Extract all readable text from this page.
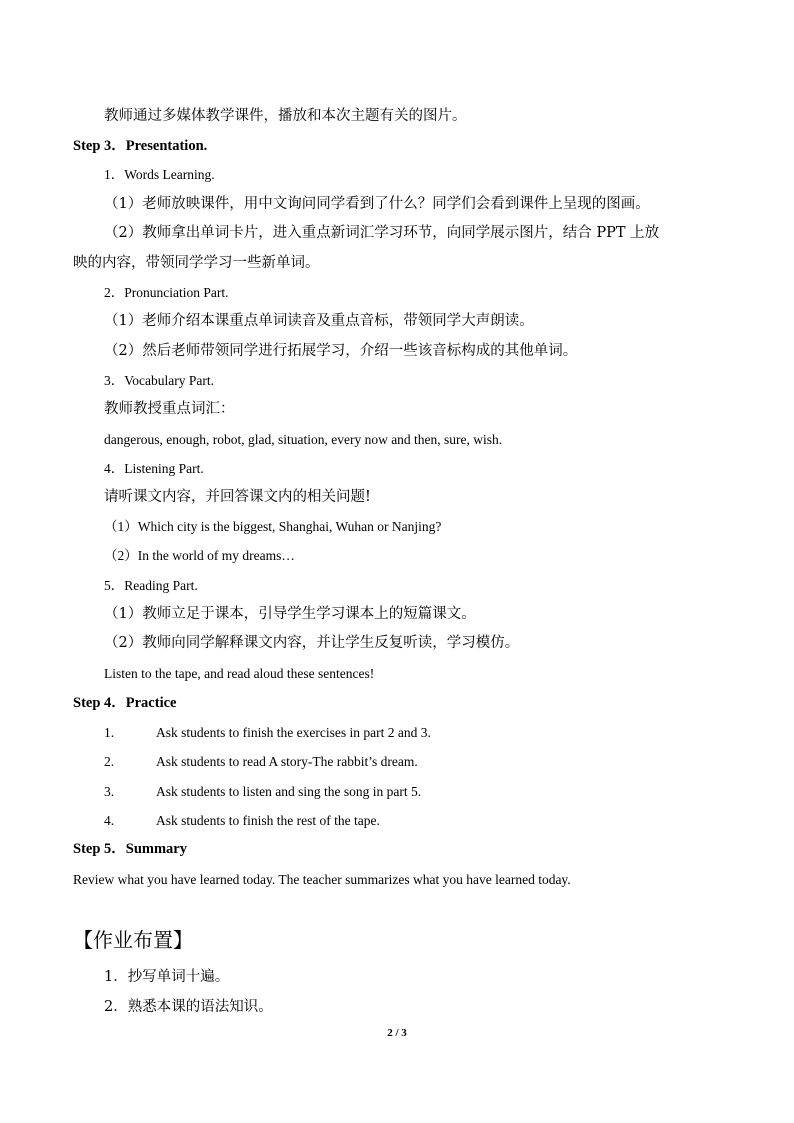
教师通过多媒体教学课件，播放和本次主题有关的图片。
Step 3．Presentation.
1．Words Learning.
（1）老师放映课件，用中文询问同学看到了什么？同学们会看到课件上呈现的图画。
（2）教师拿出单词卡片，进入重点新词汇学习环节，向同学展示图片，结合 PPT 上放
映的内容，带领同学学习一些新单词。
2．Pronunciation Part.
（1）老师介绍本课重点单词读音及重点音标，带领同学大声朗读。
（2）然后老师带领同学进行拓展学习，介绍一些该音标构成的其他单词。
3．Vocabulary Part.
教师教授重点词汇：
dangerous, enough, robot, glad, situation, every now and then, sure, wish.
4．Listening Part.
请听课文内容，并回答课文内的相关问题!
（1）Which city is the biggest, Shanghai, Wuhan or Nanjing?
（2）In the world of my dreams…
5．Reading Part.
（1）教师立足于课本，引导学生学习课本上的短篇课文。
（2）教师向同学解释课文内容，并让学生反复听读，学习模仿。
Listen to the tape, and read aloud these sentences!
Step 4．Practice
1.	Ask students to finish the exercises in part 2 and 3.
2.	Ask students to read A story-The rabbit’s dream.
3.	Ask students to listen and sing the song in part 5.
4.	Ask students to finish the rest of the tape.
Step 5．Summary
Review what you have learned today. The teacher summarizes what you have learned today.
【作业布置】
1．抄写单词十遍。
2．熟悉本课的语法知识。
2 / 3
